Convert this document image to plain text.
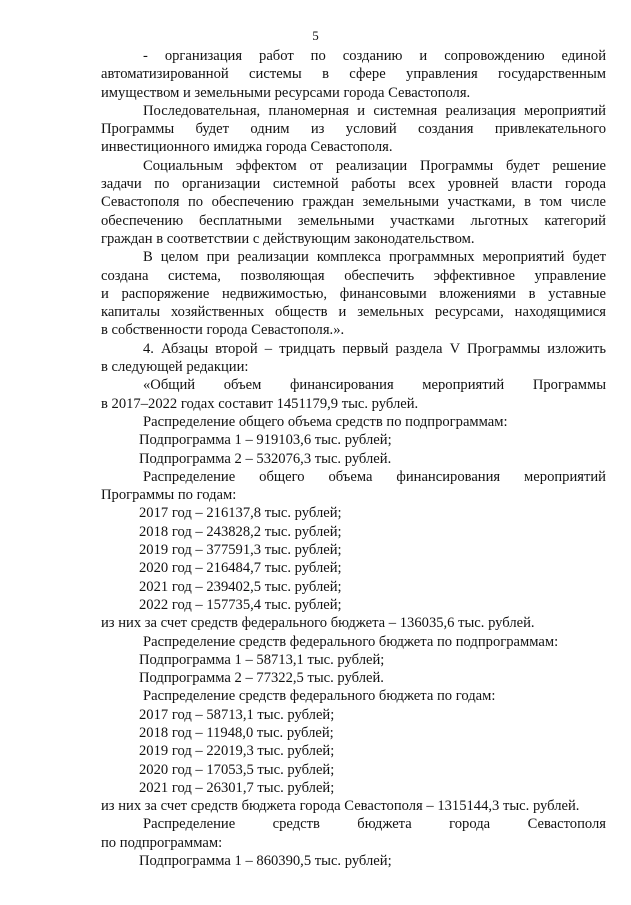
5
- организация работ по созданию и сопровождению единой
автоматизированной системы в сфере управления государственным
имуществом и земельными ресурсами города Севастополя.
Последовательная, планомерная и системная реализация мероприятий
Программы будет одним из условий создания привлекательного
инвестиционного имиджа города Севастополя.
Социальным эффектом от реализации Программы будет решение
задачи по организации системной работы всех уровней власти города
Севастополя по обеспечению граждан земельными участками, в том числе
обеспечению бесплатными земельными участками льготных категорий
граждан в соответствии с действующим законодательством.
В целом при реализации комплекса программных мероприятий будет
создана система, позволяющая обеспечить эффективное управление
и распоряжение недвижимостью, финансовыми вложениями в уставные
капиталы хозяйственных обществ и земельных ресурсами, находящимися
в собственности города Севастополя.».
4. Абзацы второй – тридцать первый раздела V Программы изложить
в следующей редакции:
«Общий объем финансирования мероприятий Программы
в 2017–2022 годах составит 1451179,9 тыс. рублей.
Распределение общего объема средств по подпрограммам:
Подпрограмма 1 – 919103,6 тыс. рублей;
Подпрограмма 2 – 532076,3 тыс. рублей.
Распределение общего объема финансирования мероприятий
Программы по годам:
2017 год – 216137,8 тыс. рублей;
2018 год – 243828,2 тыс. рублей;
2019 год – 377591,3 тыс. рублей;
2020 год – 216484,7 тыс. рублей;
2021 год – 239402,5 тыс. рублей;
2022 год – 157735,4 тыс. рублей;
из них за счет средств федерального бюджета – 136035,6 тыс. рублей.
Распределение средств федерального бюджета по подпрограммам:
Подпрограмма 1 – 58713,1 тыс. рублей;
Подпрограмма 2 – 77322,5 тыс. рублей.
Распределение средств федерального бюджета по годам:
2017 год – 58713,1 тыс. рублей;
2018 год – 11948,0 тыс. рублей;
2019 год – 22019,3 тыс. рублей;
2020 год – 17053,5 тыс. рублей;
2021 год – 26301,7 тыс. рублей;
из них за счет средств бюджета города Севастополя – 1315144,3 тыс. рублей.
Распределение средств бюджета города Севастополя
по подпрограммам:
Подпрограмма 1 – 860390,5 тыс. рублей;
